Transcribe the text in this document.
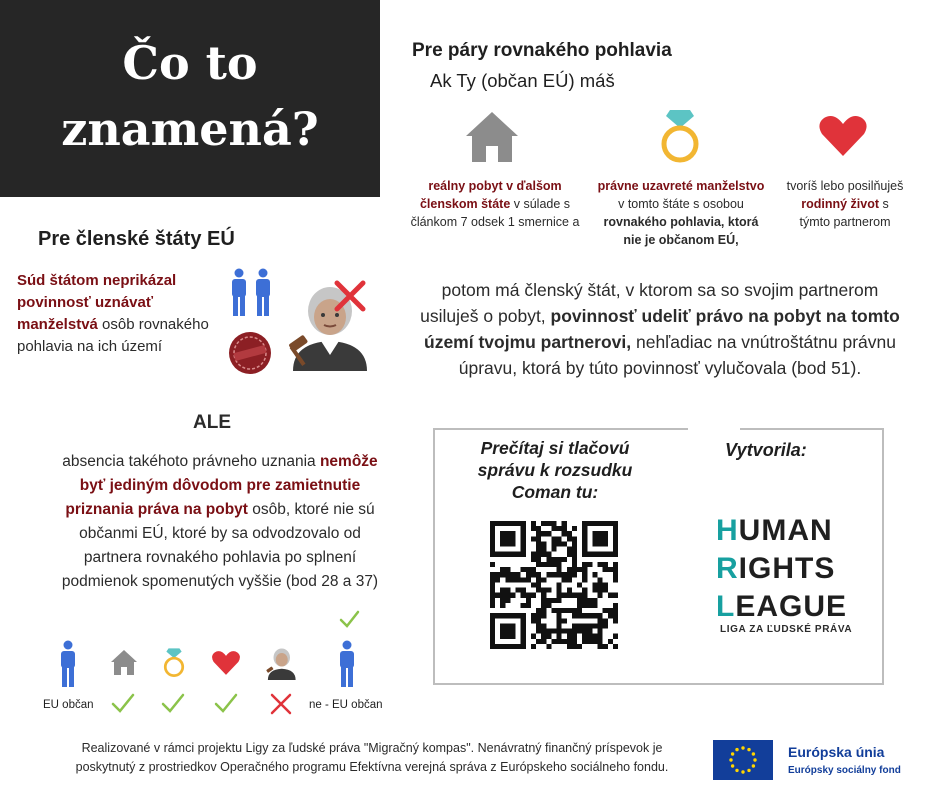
Čo to
znamená?
Pre členské štáty EÚ
Súd štátom neprikázal povinnosť uznávať manželstvá osôb rovnakého pohlavia na ich území
ALE
absencia takéhoto právneho uznania nemôže byť jediným dôvodom pre zamietnutie priznania práva na pobyt osôb, ktoré nie sú občanmi EÚ, ktoré by sa odvodzovalo od partnera rovnakého pohlavia po splnení podmienok spomenutých vyššie (bod 28 a 37)
Pre páry rovnakého pohlavia
Ak Ty (občan EÚ) máš
reálny pobyt v ďalšom členskom štáte v súlade s článkom 7 odsek 1 smernice a
právne uzavreté manželstvo v tomto štáte s osobou rovnakého pohlavia, ktorá nie je občanom EÚ,
tvoríš lebo posilňuješ rodinný život s týmto partnerom
potom má členský štát, v ktorom sa so svojim partnerom usiluješ o pobyt, povinnosť udeliť právo na pobyt na tomto území tvojmu partnerovi, nehľadiac na vnútroštátnu právnu úpravu, ktorá by túto povinnosť vylučovala (bod 51).
Prečítaj si tlačovú správu k rozsudku Coman tu:
Vytvorila:
HUMAN
RIGHTS
LEAGUE
LIGA ZA ĽUDSKÉ PRÁVA
EU občan	ne - EU občan
Realizované v rámci projektu Ligy za ľudské práva "Migračný kompas". Nenávratný finančný príspevok je
poskytnutý z prostriedkov Operačného programu Efektívna verejná správa z Európskeho sociálneho fondu.
Európska únia
Európsky sociálny fond
